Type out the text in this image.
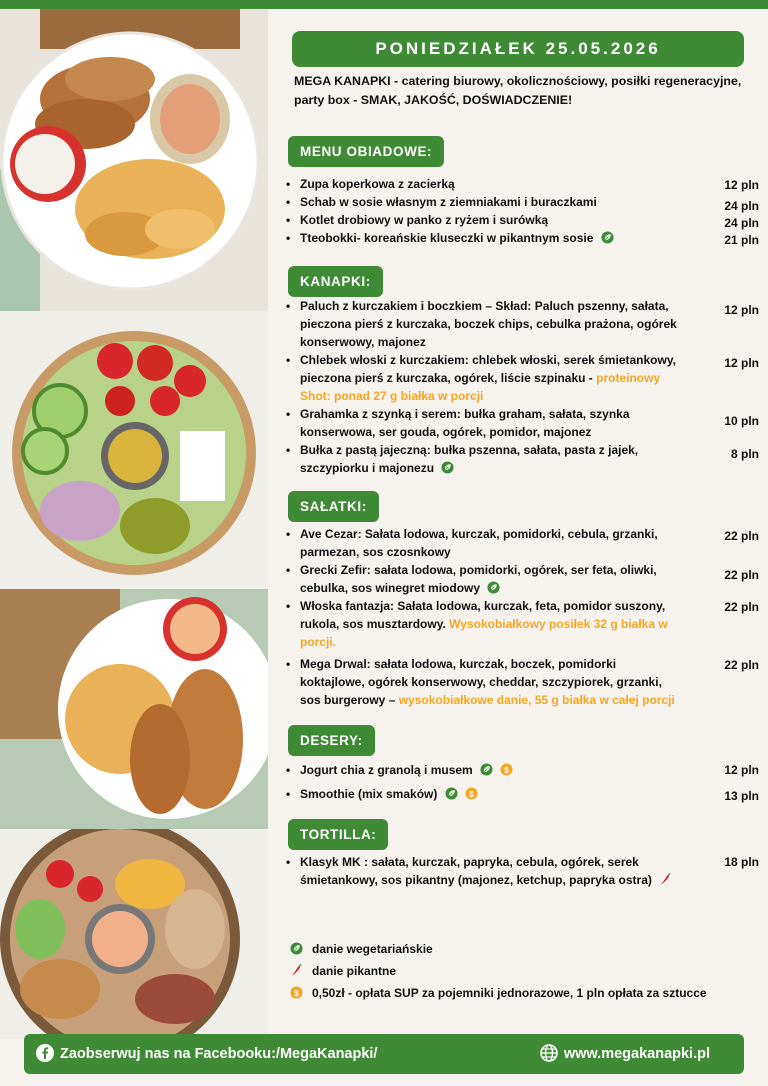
PONIEDZIAŁEK 25.05.2026
MEGA KANAPKI - catering biurowy, okolicznościowy, posiłki regeneracyjne, party box - SMAK, JAKOŚĆ, DOŚWIADCZENIE!
MENU OBIADOWE:
• Zupa koperkowa z zacierką	12 pln
• Schab w sosie własnym z ziemniakami i buraczkami	24 pln
• Kotlet drobiowy w panko z ryżem i surówką	24 pln
• Tteobokki- koreańskie kluseczki w pikantnym sosie	21 pln
KANAPKI:
• Paluch z kurczakiem i boczkiem – Skład: Paluch pszenny, sałata, pieczona pierś z kurczaka, boczek chips, cebulka prażona, ogórek konserwowy, majonez
12 pln
• Chlebek włoski z kurczakiem: chlebek włoski, serek śmietankowy, pieczona pierś z kurczaka, ogórek, liście szpinaku - proteinowy Shot: ponad 27 g białka w porcji
12 pln
• Grahamka z szynką i serem: bułka graham, sałata, szynka konserwowa, ser gouda, ogórek, pomidor, majonez
10 pln
• Bułka z pastą jajeczną: bułka pszenna, sałata, pasta z jajek, szczypiorku i majonezu
8 pln
SAŁATKI:
• Ave Cezar: Sałata lodowa, kurczak, pomidorki, cebula, grzanki, parmezan, sos czosnkowy
22 pln
• Grecki Zefir: sałata lodowa, pomidorki, ogórek, ser feta, oliwki, cebulka, sos winegret miodowy
22 pln
• Włoska fantazja: Sałata lodowa, kurczak, feta, pomidor suszony, rukola, sos musztardowy. Wysokobiałkowy posiłek 32 g białka w porcji.
22 pln
• Mega Drwal: sałata lodowa, kurczak, boczek, pomidorki koktajlowe, ogórek konserwowy, cheddar, szczypiorek, grzanki, sos burgerowy – wysokobiałkowe danie, 55 g białka w całej porcji
22 pln
DESERY:
• Jogurt chia z granolą i musem	$	12 pln
• Smoothie (mix smaków)	$	13 pln
TORTILLA:
• Klasyk MK : sałata, kurczak, papryka, cebula, ogórek, serek śmietankowy, sos pikantny (majonez, ketchup, papryka ostra)
18 pln
danie wegetariańskie
danie pikantne
$ 0,50zł - opłata SUP za pojemniki jednorazowe, 1 pln opłata za sztucce
Zaobserwuj nas na Facebooku:/MegaKanapki/	www.megakanapki.pl
